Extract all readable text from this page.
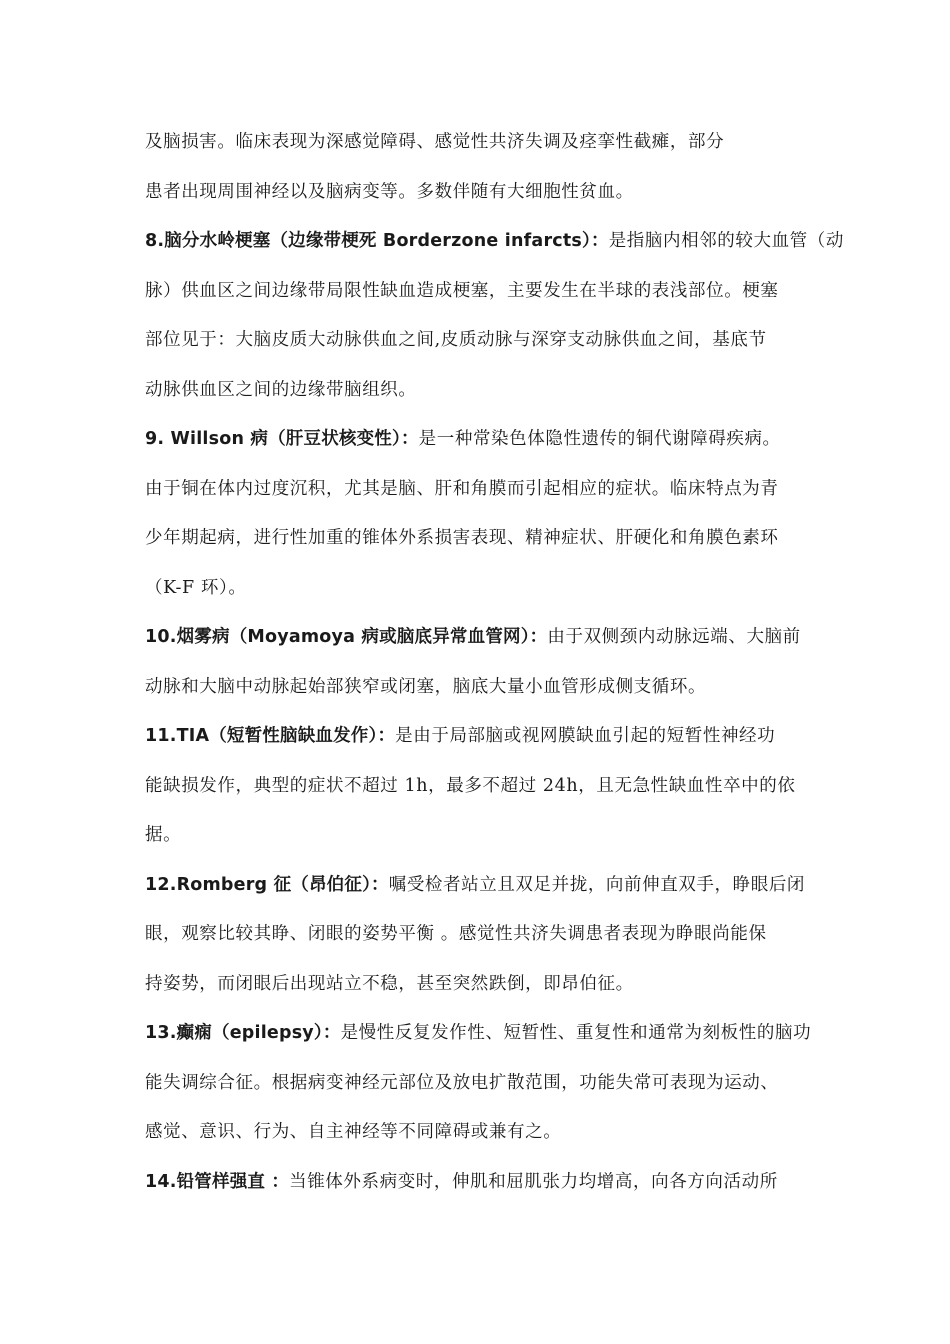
及脑损害。临床表现为深感觉障碍、感觉性共济失调及痉挛性截瘫，部分
患者出现周围神经以及脑病变等。多数伴随有大细胞性贫血。
8.脑分水岭梗塞（边缘带梗死 Borderzone infarcts）：是指脑内相邻的较大血管（动
脉）供血区之间边缘带局限性缺血造成梗塞，主要发生在半球的表浅部位。梗塞
部位见于：大脑皮质大动脉供血之间,皮质动脉与深穿支动脉供血之间，基底节
动脉供血区之间的边缘带脑组织。
9. Willson 病（肝豆状核变性）：是一种常染色体隐性遗传的铜代谢障碍疾病。
由于铜在体内过度沉积，尤其是脑、肝和角膜而引起相应的症状。临床特点为青
少年期起病，进行性加重的锥体外系损害表现、精神症状、肝硬化和角膜色素环
（K-F 环）。
10.烟雾病（Moyamoya 病或脑底异常血管网）：由于双侧颈内动脉远端、大脑前
动脉和大脑中动脉起始部狭窄或闭塞，脑底大量小血管形成侧支循环。
11.TIA（短暂性脑缺血发作）：是由于局部脑或视网膜缺血引起的短暂性神经功
能缺损发作，典型的症状不超过 1h，最多不超过 24h，且无急性缺血性卒中的依
据。
12.Romberg 征（昂伯征）：嘱受检者站立且双足并拢，向前伸直双手，睁眼后闭
眼，观察比较其睁、闭眼的姿势平衡 。感觉性共济失调患者表现为睁眼尚能保
持姿势，而闭眼后出现站立不稳，甚至突然跌倒，即昂伯征。
13.癫痫（epilepsy）：是慢性反复发作性、短暂性、重复性和通常为刻板性的脑功
能失调综合征。根据病变神经元部位及放电扩散范围，功能失常可表现为运动、
感觉、意识、行为、自主神经等不同障碍或兼有之。
14.铅管样强直 ：当锥体外系病变时，伸肌和屈肌张力均增高，向各方向活动所
